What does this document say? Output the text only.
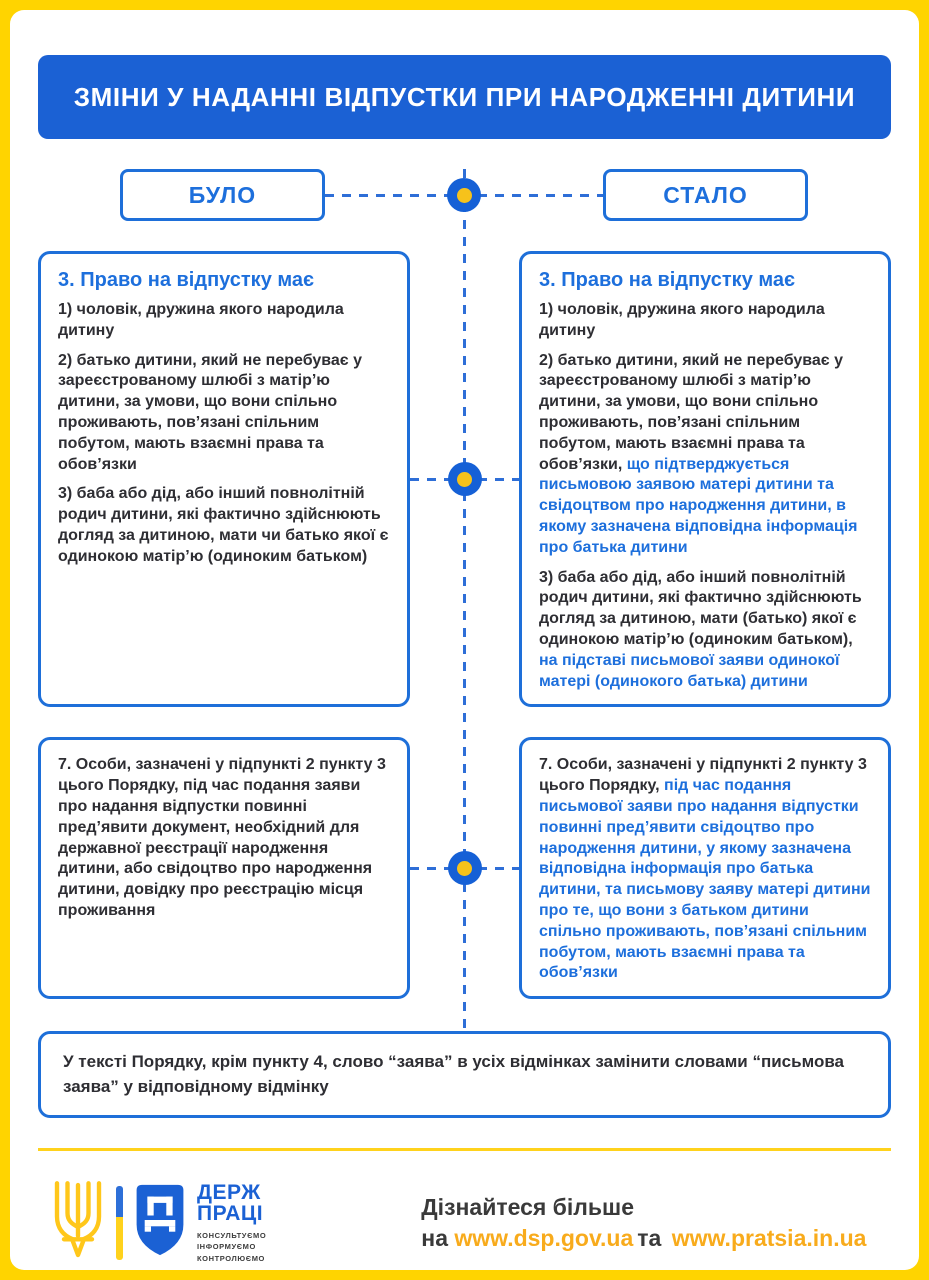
ЗМІНИ У НАДАННІ ВІДПУСТКИ ПРИ НАРОДЖЕННІ ДИТИНИ
БУЛО	СТАЛО
3. Право на відпустку має

1) чоловік, дружина якого народила дитину

2) батько дитини, який не перебуває у зареєстрованому шлюбі з матір’ю дитини, за умови, що вони спільно проживають, пов’язані спільним побутом, мають взаємні права та обов’язки

3) баба або дід, або інший повнолітній родич дитини, які фактично здійснюють догляд за дитиною, мати чи батько якої є одинокою матір’ю (одиноким батьком)

3. Право на відпустку має

1) чоловік, дружина якого народила дитину

2) батько дитини, який не перебуває у зареєстрованому шлюбі з матір’ю дитини, за умови, що вони спільно проживають, пов’язані спільним побутом, мають взаємні права та обов’язки, що підтверджується письмовою заявою матері дитини та свідоцтвом про народження дитини, в якому зазначена відповідна інформація про батька дитини

3) баба або дід, або інший повнолітній родич дитини, які фактично здійснюють догляд за дитиною, мати (батько) якої є одинокою матір’ю (одиноким батьком), на підставі письмової заяви одинокої матері (одинокого батька) дитини

7. Особи, зазначені у підпункті 2 пункту 3 цього Порядку, під час подання заяви про надання відпустки повинні пред’явити документ, необхідний для державної реєстрації народження дитини, або свідоцтво про народження дитини, довідку про реєстрацію місця проживання

7. Особи, зазначені у підпункті 2 пункту 3 цього Порядку, під час подання письмової заяви про надання відпустки повинні пред’явити свідоцтво про народження дитини, у якому зазначена відповідна інформація про батька дитини, та письмову заяву матері дитини про те, що вони з батьком дитини спільно проживають, пов’язані спільним побутом, мають взаємні права та обов’язки

У тексті Порядку, крім пункту 4, слово “заява” в усіх відмінках замінити словами “письмова заява” у відповідному відмінку

ДЕРЖ
ПРАЦІ
КОНСУЛЬТУЄМО
ІНФОРМУЄМО
КОНТРОЛЮЄМО
Дізнайтеся більше
на www.dsp.gov.ua та www.pratsia.in.ua
